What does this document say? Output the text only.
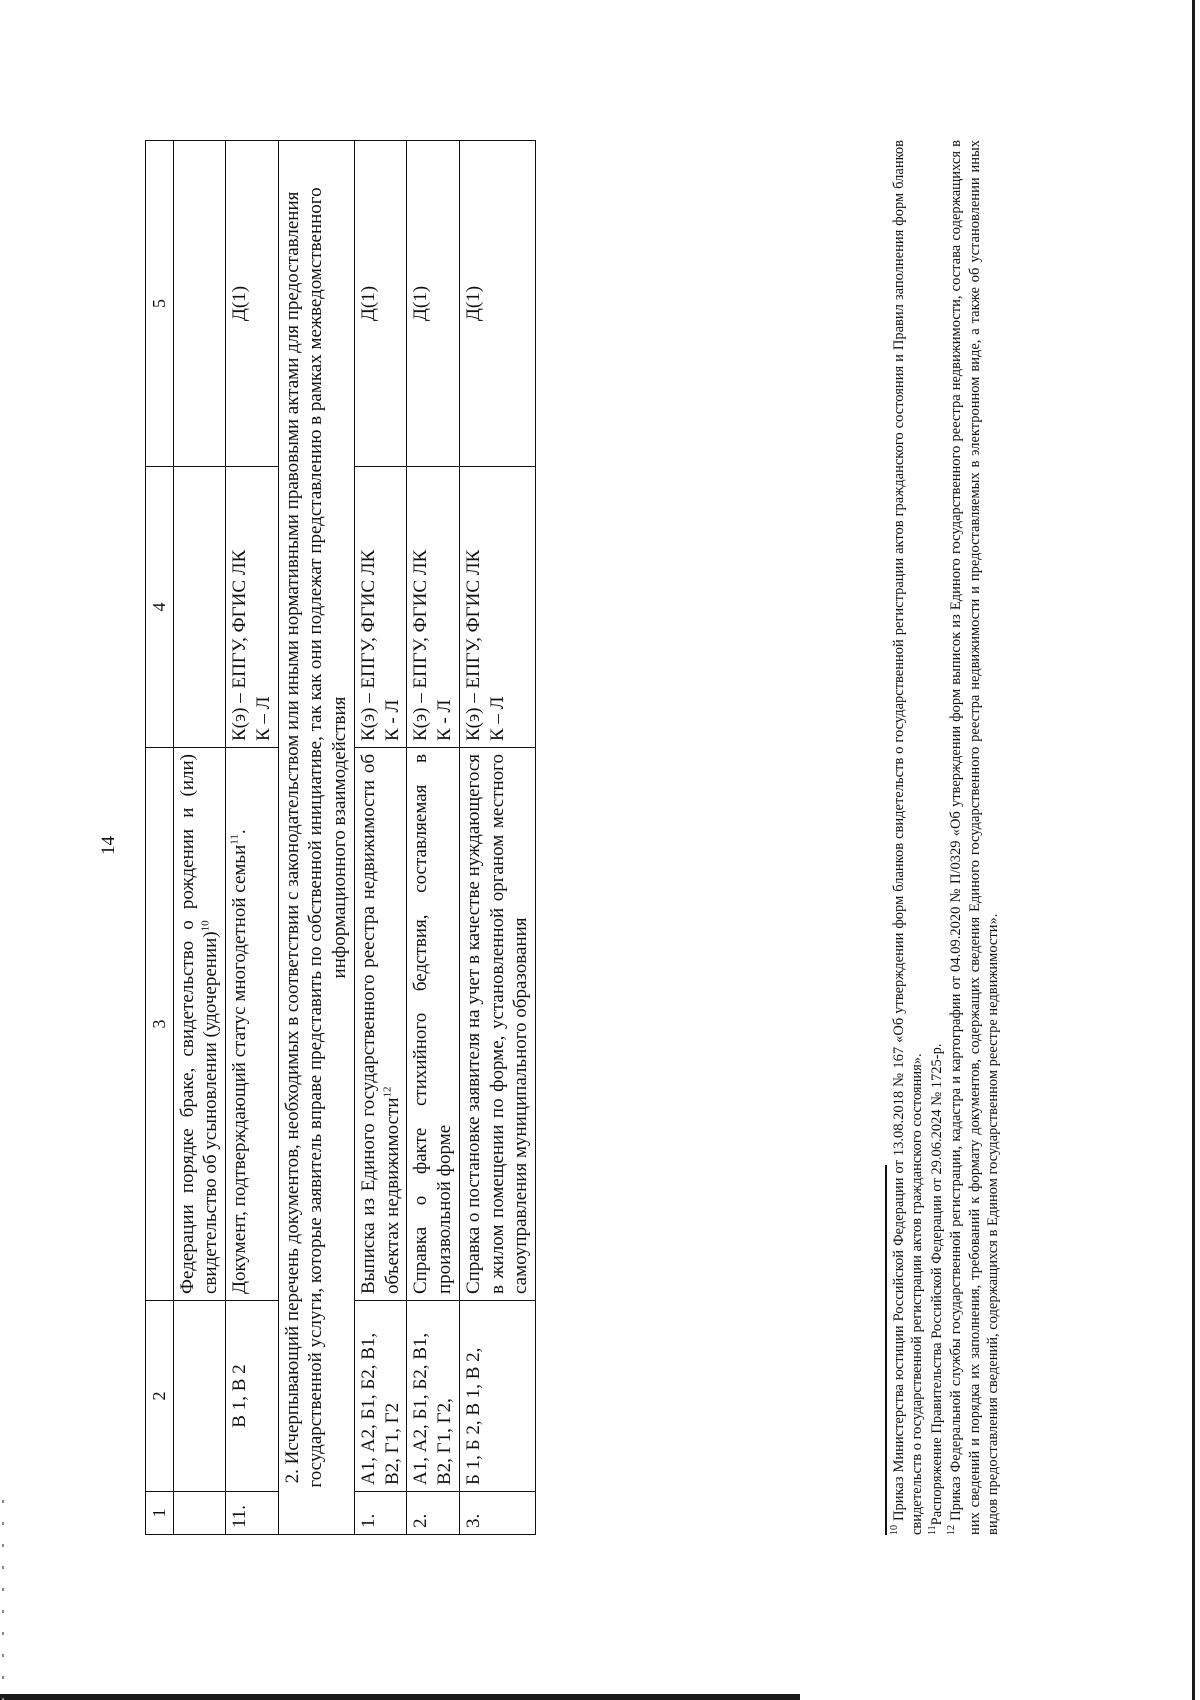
14
1	2	3	4	5
		Федерации порядке браке, свидетельство о рождении и (или) свидетельство об усыновлении (удочерении)$^{10}$		
11.	В 1, В 2	Документ, подтверждающий статус многодетной семьи$^{11}$.	К(э) – ЕПГУ, ФГИС ЛК К – Л	Д(1)
2. Исчерпывающий перечень документов, необходимых в соответствии с законодательством или иными нормативными правовыми актами для предоставления государственной услуги, которые заявитель вправе представить по собственной инициативе, так как они подлежат представлению в рамках межведомственного информационного взаимодействия				
1.	А1, А2, Б1, Б2, В1, В2, Г1, Г2	Выписка из Единого государственного реестра недвижимости об объектах недвижимости$^{12}$	К(э) – ЕПГУ, ФГИС ЛК К - Л	Д(1)
2.	А1, А2, Б1, Б2, В1, В2, Г1, Г2,	Справка о факте стихийного бедствия, составляемая в произвольной форме	К(э) – ЕПГУ, ФГИС ЛК К - Л	Д(1)
3.	Б 1, Б 2, В 1, В 2,	Справка о постановке заявителя на учет в качестве нуждающегося в жилом помещении по форме, установленной органом местного самоуправления муниципального образования	К(э) – ЕПГУ, ФГИС ЛК К – Л	Д(1)

$^{10}$ Приказ Министерства юстиции Российской Федерации от 13.08.2018 № 167 «Об утверждении форм бланков свидетельств о государственной регистрации актов гражданского состояния и Правил заполнения форм бланков свидетельств о государственной регистрации актов гражданского состояния». $^{11}$Распоряжение Правительства Российской Федерации от 29.06.2024 № 1725-р.

$^{12}$ Приказ Федеральной службы государственной регистрации, кадастра и картографии от 04.09.2020 № П/0329 «Об утверждении форм выписок из Единого государственного реестра недвижимости, состава содержащихся в них сведений и порядка их заполнения, требований к формату документов, содержащих сведения Единого государственного реестра недвижимости и предоставляемых в электронном виде, а также об установлении иных видов предоставления сведений, содержащихся в Едином государственном реестре недвижимости».
